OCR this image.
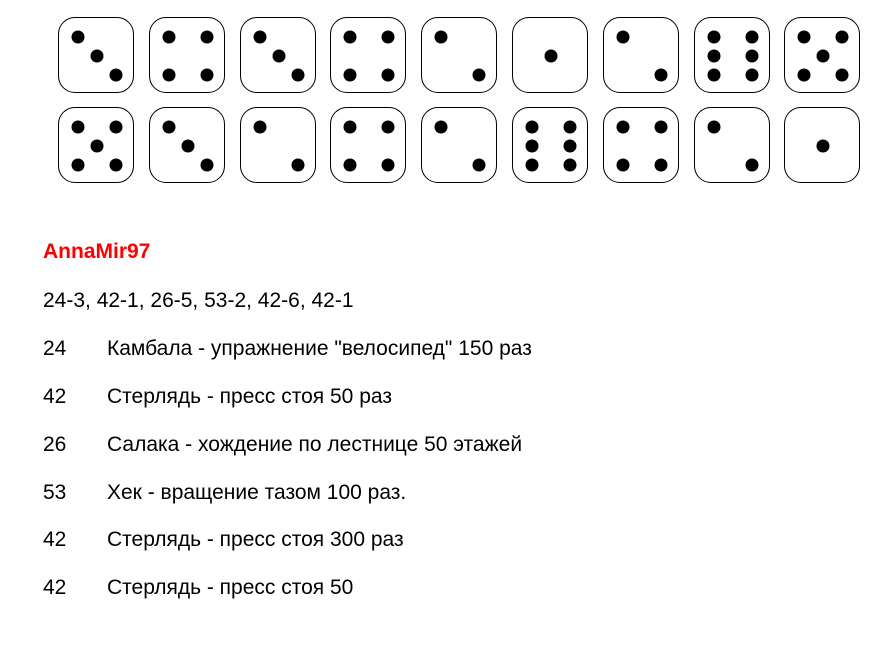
AnnaMir97
24-3, 42-1, 26-5, 53-2, 42-6, 42-1
24 Камбала - упражнение "велосипед" 150 раз
42 Стерлядь - пресс стоя 50 раз
26 Салака - хождение по лестнице 50 этажей
53 Хек - вращение тазом 100 раз.
42 Стерлядь - пресс стоя 300 раз
42 Стерлядь - пресс стоя 50
